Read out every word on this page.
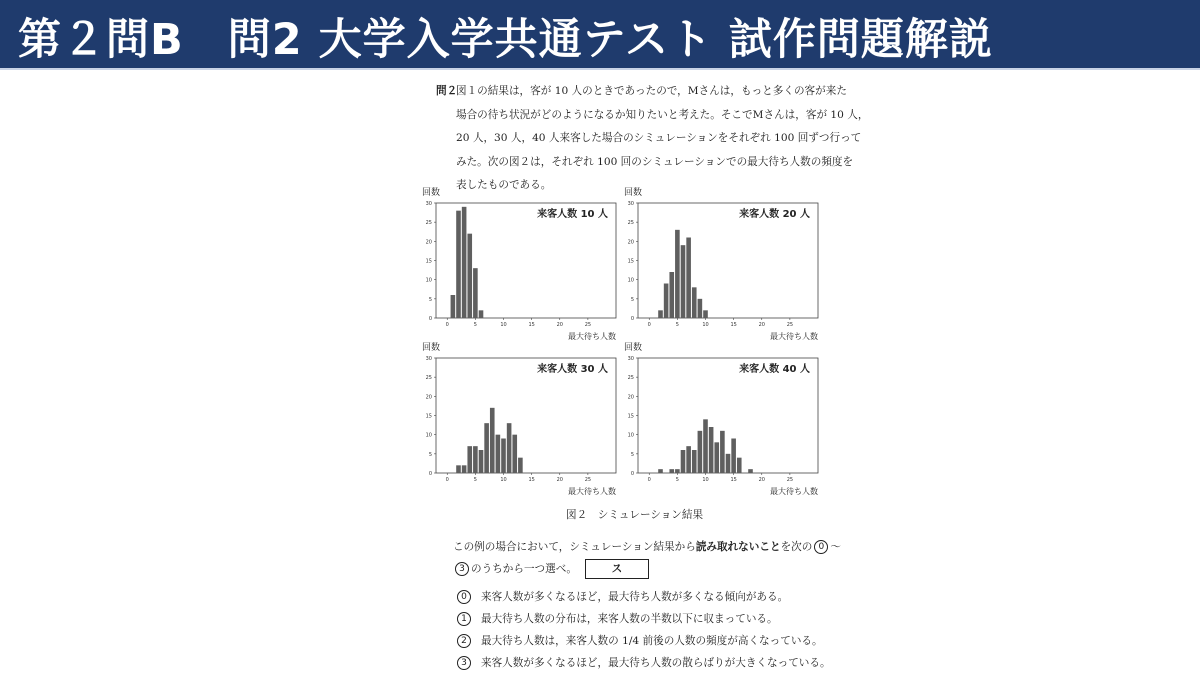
第２問B　問2 大学入学共通テスト 試作問題解説
問２
図１の結果は，客が 10 人のときであったので，Mさんは，もっと多くの客が来た
場合の待ち状況がどのようになるか知りたいと考えた。そこでMさんは，客が 10 人，
20 人，30 人，40 人来客した場合のシミュレーションをそれぞれ 100 回ずつ行って
みた。次の図２は，それぞれ 100 回のシミュレーションでの最大待ち人数の頻度を
表したものである。
回数
0
5
10
15
20
25
30
0	5	10	15	20	25
来客人数 10 人
最大待ち人数
回数
0
5
10
15
20
25
30
0	5	10	15	20	25
来客人数 20 人
最大待ち人数
回数
0
5
10
15
20
25
30
0	5	10	15	20	25
来客人数 30 人
最大待ち人数
回数
0
5
10
15
20
25
30
0	5	10	15	20	25
来客人数 40 人
最大待ち人数
図２　シミュレーション結果
この例の場合において，シミュレーション結果から読み取れないことを次の 0 〜
3 のうちから一つ選べ。	ス
0 来客人数が多くなるほど，最大待ち人数が多くなる傾向がある。
1 最大待ち人数の分布は，来客人数の半数以下に収まっている。
2 最大待ち人数は，来客人数の 1/4 前後の人数の頻度が高くなっている。
3 来客人数が多くなるほど，最大待ち人数の散らばりが大きくなっている。
